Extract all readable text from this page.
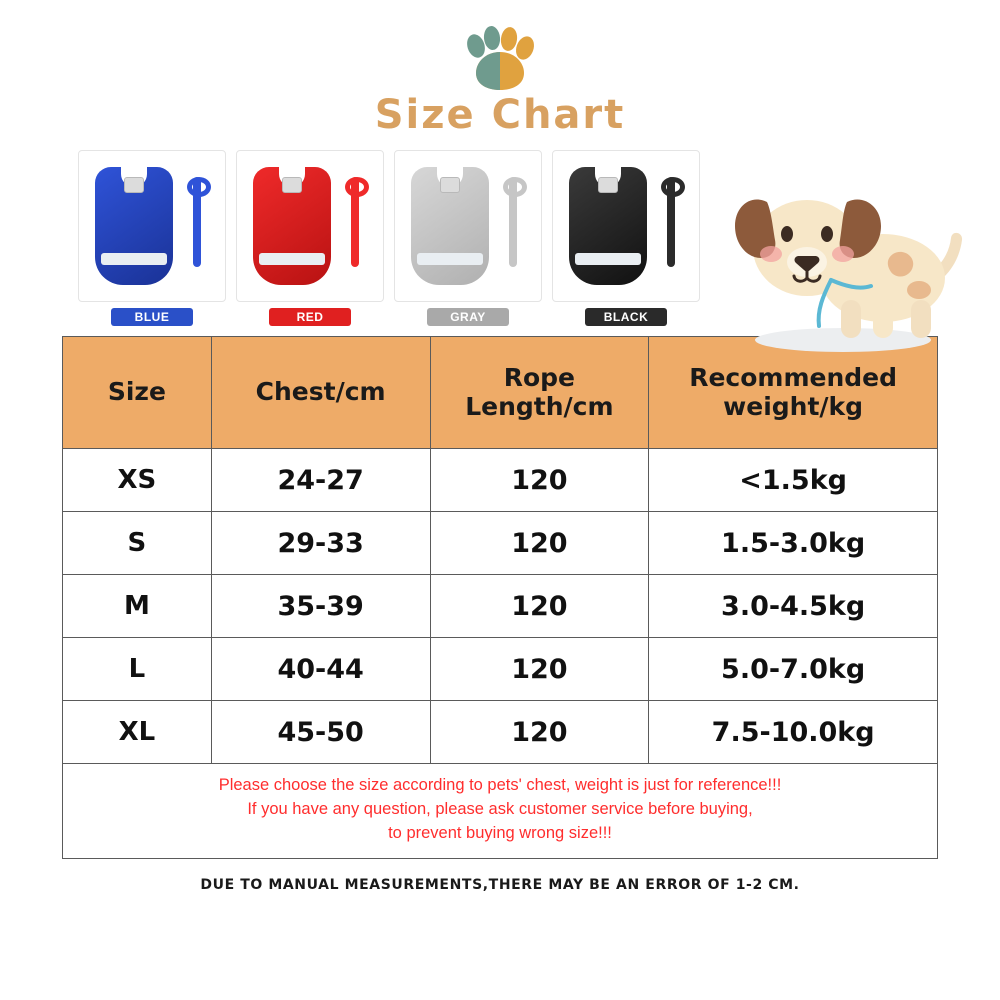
Size Chart
BLUE	RED	GRAY	BLACK
Size	Chest/cm	Rope Length/cm	Recommended weight/kg
XS	24-27	120	<1.5kg
S	29-33	120	1.5-3.0kg
M	35-39	120	3.0-4.5kg
L	40-44	120	5.0-7.0kg
XL	45-50	120	7.5-10.0kg
Please choose the size according to pets' chest, weight is just for reference!!!
If you have any question, please ask customer service before buying,
to prevent buying wrong size!!!
DUE TO MANUAL MEASUREMENTS,THERE MAY BE AN ERROR OF 1-2 CM.
